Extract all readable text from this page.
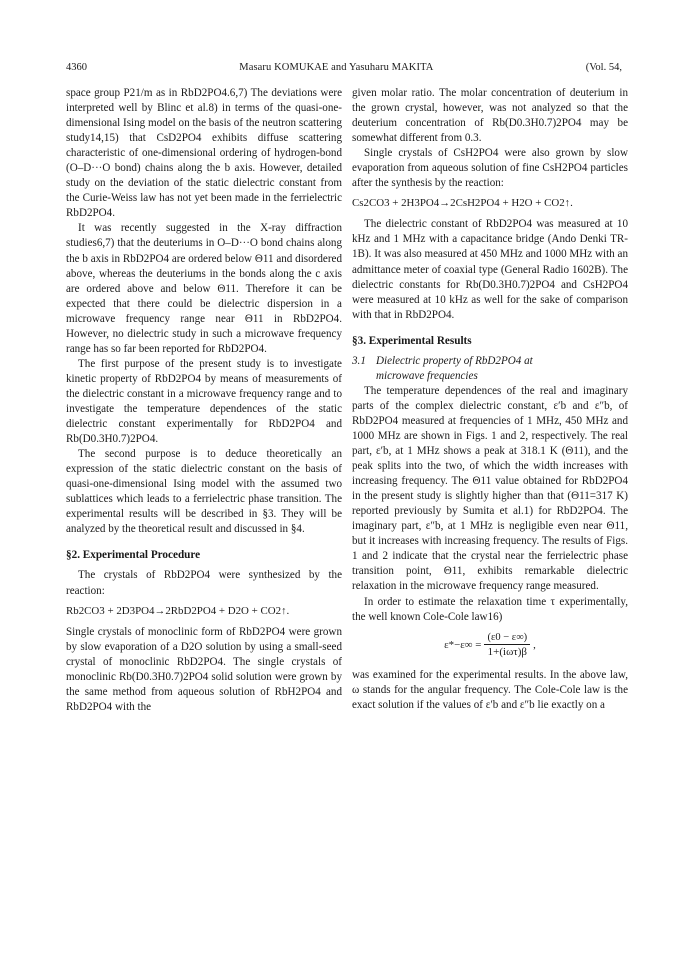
4360	Masaru KOMUKAE and Yasuharu MAKITA	(Vol. 54,

space group P21/m as in RbD2PO4.6,7) The deviations were interpreted well by Blinc et al.8) in terms of the quasi-one-dimensional Ising model on the basis of the neutron scattering study14,15) that CsD2PO4 exhibits diffuse scattering characteristic of one-dimensional ordering of hydrogen-bond (O–D···O bond) chains along the b axis. However, detailed study on the deviation of the static dielectric constant from the Curie-Weiss law has not yet been made in the ferrielectric RbD2PO4.

It was recently suggested in the X-ray diffraction studies6,7) that the deuteriums in O–D···O bond chains along the b axis in RbD2PO4 are ordered below Θ11 and disordered above, whereas the deuteriums in the bonds along the c axis are ordered above and below Θ11. Therefore it can be expected that there could be dielectric dispersion in a microwave frequency range near Θ11 in RbD2PO4. However, no dielectric study in such a microwave frequency range has so far been reported for RbD2PO4.

The first purpose of the present study is to investigate kinetic property of RbD2PO4 by means of measurements of the dielectric constant in a microwave frequency range and to investigate the temperature dependences of the static dielectric constant experimentally for RbD2PO4 and Rb(D0.3H0.7)2PO4.

The second purpose is to deduce theoretically an expression of the static dielectric constant on the basis of quasi-one-dimensional Ising model with the assumed two sublattices which leads to a ferrielectric phase transition. The experimental results will be described in §3. They will be analyzed by the theoretical result and discussed in §4.

§2. Experimental Procedure

The crystals of RbD2PO4 were synthesized by the reaction:

Rb2CO3 + 2D3PO4→2RbD2PO4 + D2O + CO2↑.

Single crystals of monoclinic form of RbD2PO4 were grown by slow evaporation of a D2O solution by using a small-seed crystal of monoclinic RbD2PO4. The single crystals of monoclinic Rb(D0.3H0.7)2PO4 solid solution were grown by the same method from aqueous solution of RbH2PO4 and RbD2PO4 with the

given molar ratio. The molar concentration of deuterium in the grown crystal, however, was not analyzed so that the deuterium concentration of Rb(D0.3H0.7)2PO4 may be somewhat different from 0.3.

Single crystals of CsH2PO4 were also grown by slow evaporation from aqueous solution of fine CsH2PO4 particles after the synthesis by the reaction:

Cs2CO3 + 2H3PO4→2CsH2PO4 + H2O + CO2↑.

The dielectric constant of RbD2PO4 was measured at 10 kHz and 1 MHz with a capacitance bridge (Ando Denki TR-1B). It was also measured at 450 MHz and 1000 MHz with an admittance meter of coaxial type (General Radio 1602B). The dielectric constants for Rb(D0.3H0.7)2PO4 and CsH2PO4 were measured at 10 kHz as well for the sake of comparison with that in RbD2PO4.

§3. Experimental Results
3.1 Dielectric property of RbD2PO4 at
microwave frequencies

The temperature dependences of the real and imaginary parts of the complex dielectric constant, ε′b and ε″b, of RbD2PO4 measured at frequencies of 1 MHz, 450 MHz and 1000 MHz are shown in Figs. 1 and 2, respectively. The real part, ε′b, at 1 MHz shows a peak at 318.1 K (Θ11), and the peak splits into the two, of which the width increases with increasing frequency. The Θ11 value obtained for RbD2PO4 in the present study is slightly higher than that (Θ11=317 K) reported previously by Sumita et al.1) for RbD2PO4. The imaginary part, ε″b, at 1 MHz is negligible even near Θ11, but it increases with increasing frequency. The results of Figs. 1 and 2 indicate that the crystal near the ferrielectric phase transition point, Θ11, exhibits remarkable dielectric relaxation in the microwave frequency range measured.

In order to estimate the relaxation time τ experimentally, the well known Cole-Cole law16)

$\varepsilon*-\varepsilon\infty = \frac{(\varepsilon 0 - \varepsilon\infty)}{\text{1+(iωτ)β}}$ ,

was examined for the experimental results. In the above law, ω stands for the angular frequency. The Cole-Cole law is the exact solution if the values of ε′b and ε″b lie exactly on a
